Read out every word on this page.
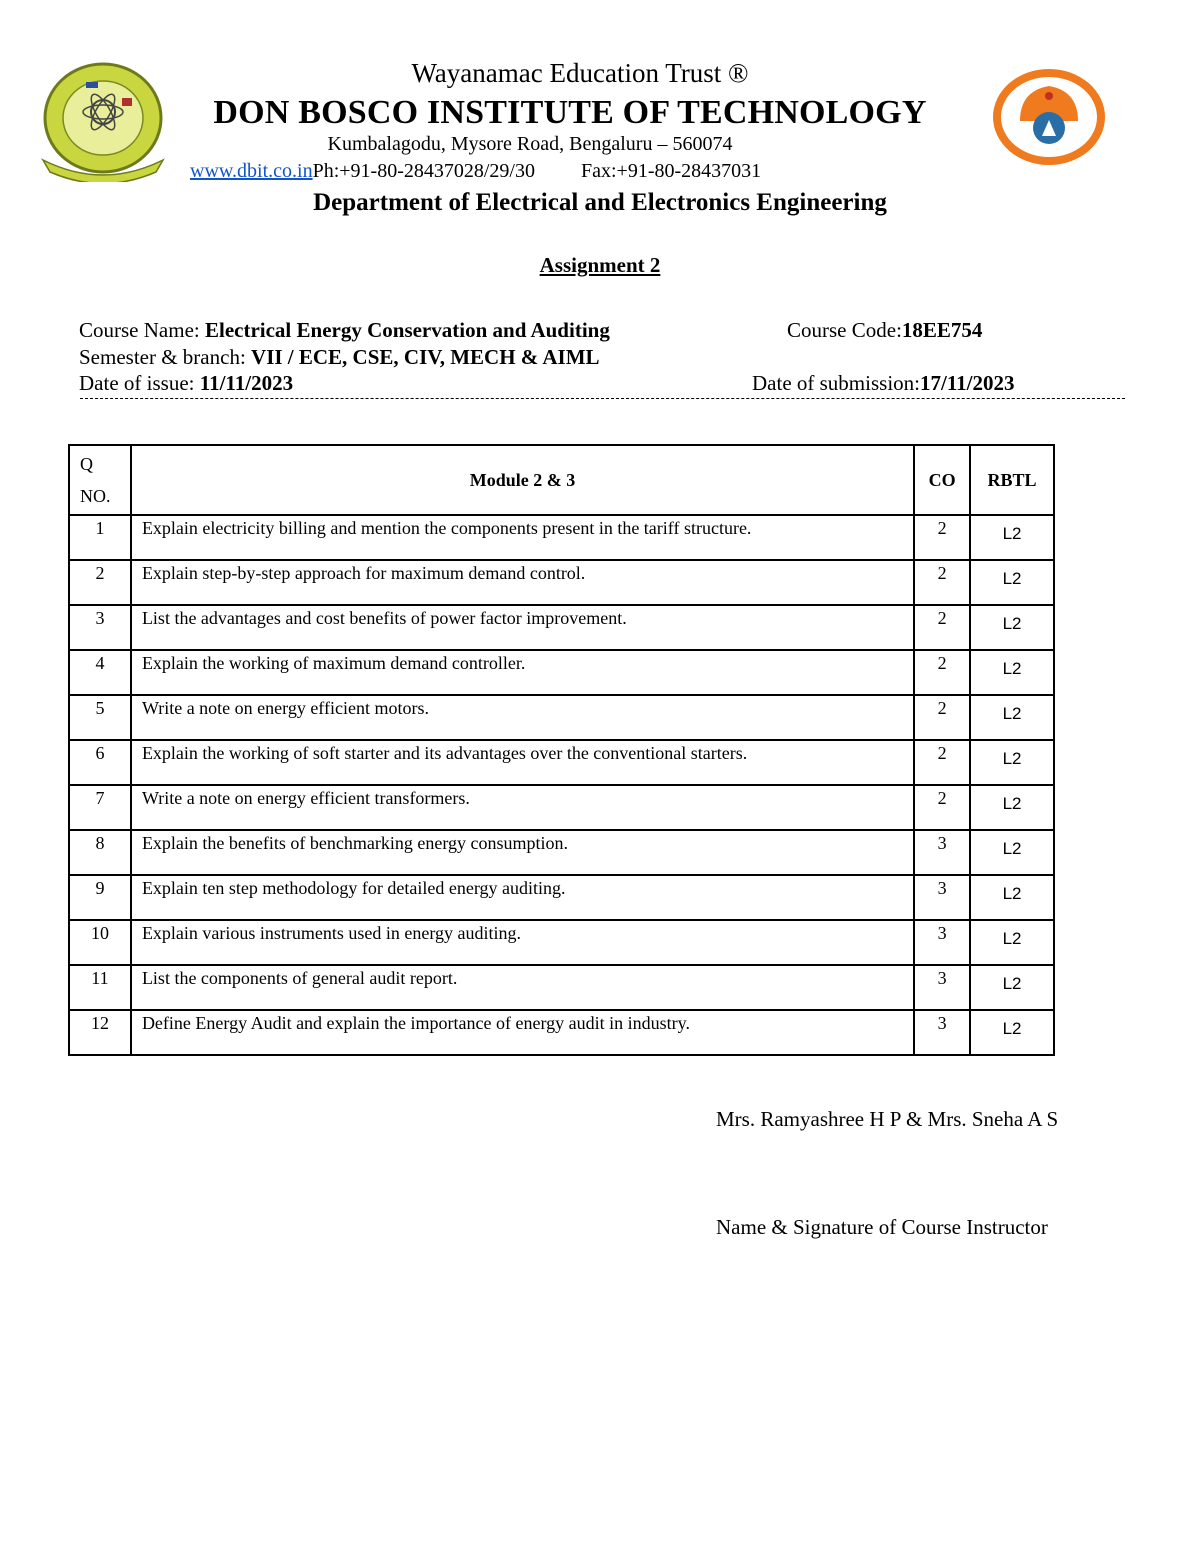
Wayanamac Education Trust ®
DON BOSCO INSTITUTE OF TECHNOLOGY
Kumbalagodu, Mysore Road, Bengaluru – 560074
www.dbit.co.inPh:+91-80-28437028/29/30 Fax:+91-80-28437031
Department of Electrical and Electronics Engineering
Assignment 2
Course Name: Electrical Energy Conservation and Auditing	Course Code:18EE754
Semester & branch: VII / ECE, CSE, CIV, MECH & AIML
Date of issue: 11/11/2023	Date of submission:17/11/2023
Q
NO.	Module 2 & 3	CO	RBTL
1	Explain electricity billing and mention the components present in the tariff structure.	2	L2
2	Explain step-by-step approach for maximum demand control.	2	L2
3	List the advantages and cost benefits of power factor improvement.	2	L2
4	Explain the working of maximum demand controller.	2	L2
5	Write a note on energy efficient motors.	2	L2
6	Explain the working of soft starter and its advantages over the conventional starters.	2	L2
7	Write a note on energy efficient transformers.	2	L2
8	Explain the benefits of benchmarking energy consumption.	3	L2
9	Explain ten step methodology for detailed energy auditing.	3	L2
10	Explain various instruments used in energy auditing.	3	L2
11	List the components of general audit report.	3	L2
12	Define Energy Audit and explain the importance of energy audit in industry.	3	L2
Mrs. Ramyashree H P & Mrs. Sneha A S
Name & Signature of Course Instructor
